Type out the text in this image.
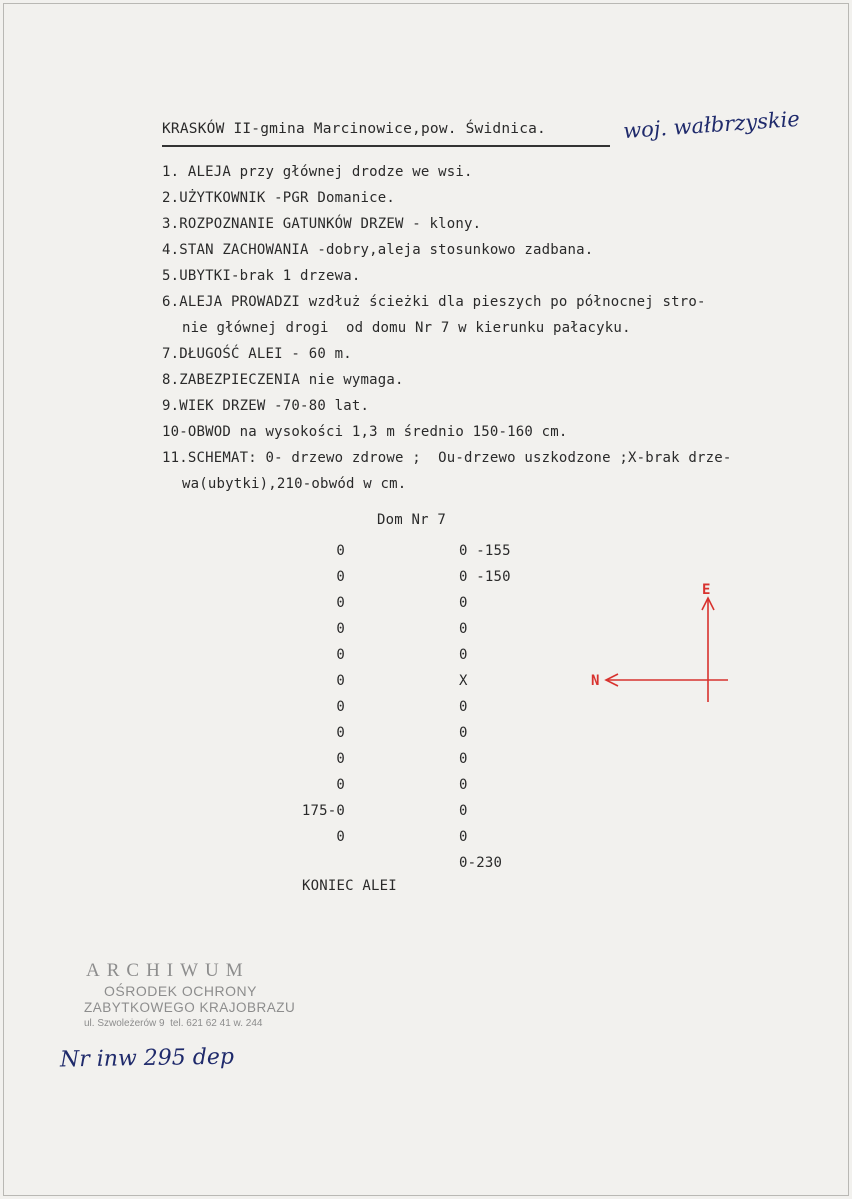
KRASKÓW II-gmina Marcinowice,pow. Świdnica.	woj. wałbrzyskie
1. ALEJA przy głównej drodze we wsi.
2.UŻYTKOWNIK -PGR Domanice.
3.ROZPOZNANIE GATUNKÓW DRZEW - klony.
4.STAN ZACHOWANIA -dobry,aleja stosunkowo zadbana.
5.UBYTKI-brak 1 drzewa.
6.ALEJA PROWADZI wzdłuż ścieżki dla pieszych po północnej stro-
nie głównej drogi  od domu Nr 7 w kierunku pałacyku.
7.DŁUGOŚĆ ALEI - 60 m.
8.ZABEZPIECZENIA nie wymaga.
9.WIEK DRZEW -70-80 lat.
10-OBWOD na wysokości 1,3 m średnio 150-160 cm.
11.SCHEMAT: 0- drzewo zdrowe ;  Ou-drzewo uszkodzone ;X-brak drze-
wa(ubytki),210-obwód w cm.
Dom Nr 7
0
0
0
0
0
0
0
0
0
0
175-0
0
0 -155
0 -150
0
0
0
X
0
0
0
0
0
0
0-230
KONIEC ALEI
E
N
ARCHIWUM
OŚRODEK OCHRONY
ZABYTKOWEGO KRAJOBRAZU
ul. Szwoleżerów 9  tel. 621 62 41 w. 244
Nr inw 295 dep
